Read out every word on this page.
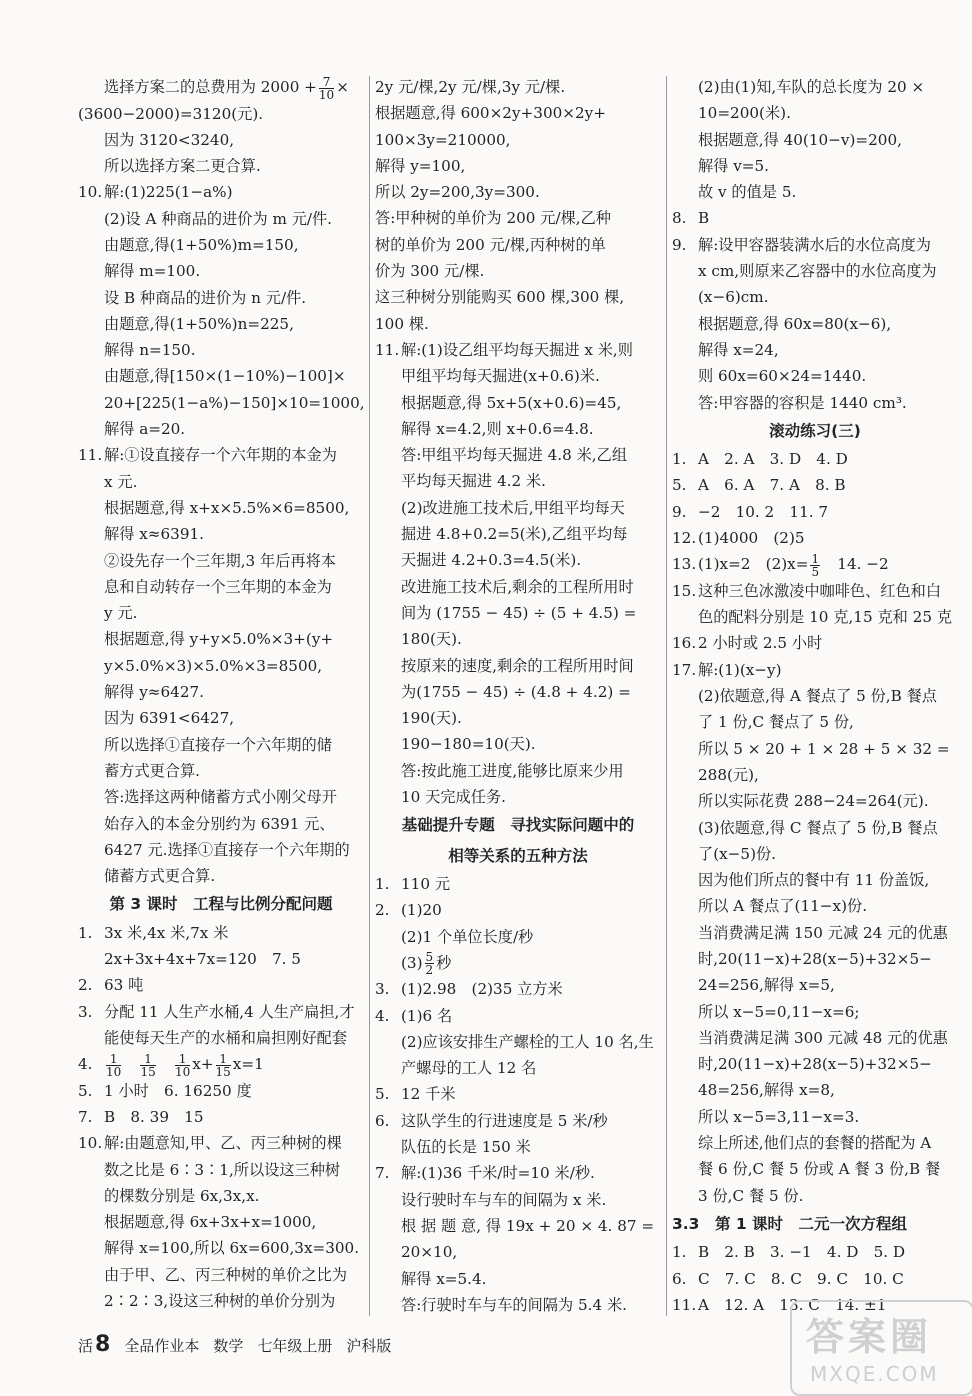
选择方案二的总费用为 $2000 + \frac{7}{10}$ ×
(3600−2000)=3120(元).
因为 3120<3240,
所以选择方案二更合算.
10. 解:(1)225(1−a%)
(2)设 A 种商品的进价为 m 元/件.
由题意,得(1+50%)m=150,
解得 m=100.
设 B 种商品的进价为 n 元/件.
由题意,得(1+50%)n=225,
解得 n=150.
由题意,得[150×(1−10%)−100]×
20+[225(1−a%)−150]×10=1000,
解得 a=20.
11. 解:①设直接存一个六年期的本金为
x 元.
根据题意,得 x+x×5.5%×6=8500,
解得 x≈6391.
②设先存一个三年期,3 年后再将本
息和自动转存一个三年期的本金为
y 元.
根据题意,得 y+y×5.0%×3+(y+
y×5.0%×3)×5.0%×3=8500,
解得 y≈6427.
因为 6391<6427,
所以选择①直接存一个六年期的储
蓄方式更合算.
答:选择这两种储蓄方式小刚父母开
始存入的本金分别约为 6391 元、
6427 元.选择①直接存一个六年期的
储蓄方式更合算.
第 3 课时　工程与比例分配问题
1. 3x 米,4x 米,7x 米
2x+3x+4x+7x=120　7. 5
2. 63 吨
3. 分配 11 人生产水桶,4 人生产扁担,才
能使每天生产的水桶和扁担刚好配套
4. $\frac{1}{10}$
　 $\frac{1}{15}$
　 $\frac{1}{10} x+ \frac{1}{15} x=1$
5. 1 小时　6. 16250 度
7. B　8. 39　15
10. 解:由题意知,甲、乙、丙三种树的棵
数之比是 6∶3∶1,所以设这三种树
的棵数分别是 6x,3x,x.
根据题意,得 6x+3x+x=1000,
解得 x=100,所以 6x=600,3x=300.
由于甲、乙、丙三种树的单价之比为
2∶2∶3,设这三种树的单价分别为
2y 元/棵,2y 元/棵,3y 元/棵.
根据题意,得 600×2y+300×2y+
100×3y=210000,
解得 y=100,
所以 2y=200,3y=300.
答:甲种树的单价为 200 元/棵,乙种
树的单价为 200 元/棵,丙种树的单
价为 300 元/棵.
这三种树分别能购买 600 棵,300 棵,
100 棵.
11. 解:(1)设乙组平均每天掘进 x 米,则
甲组平均每天掘进(x+0.6)米.
根据题意,得 5x+5(x+0.6)=45,
解得 x=4.2,则 x+0.6=4.8.
答:甲组平均每天掘进 4.8 米,乙组
平均每天掘进 4.2 米.
(2)改进施工技术后,甲组平均每天
掘进 4.8+0.2=5(米),乙组平均每
天掘进 4.2+0.3=4.5(米).
改进施工技术后,剩余的工程所用时
间为 (1755 − 45) ÷ (5 + 4.5) =
180(天).
按原来的速度,剩余的工程所用时间
为(1755 − 45) ÷ (4.8 + 4.2) =
190(天).
190−180=10(天).
答:按此施工进度,能够比原来少用
10 天完成任务.
基础提升专题　寻找实际问题中的
相等关系的五种方法
1. 110 元
2. (1)20
(2)1 个单位长度/秒
$(3) \frac{5}{2}$ 秒
3. (1)2.98　(2)35 立方米
4. (1)6 名
(2)应该安排生产螺栓的工人 10 名,生
产螺母的工人 12 名
5. 12 千米
6. 这队学生的行进速度是 5 米/秒
队伍的长是 150 米
7. 解:(1)36 千米/时=10 米/秒.
设行驶时车与车的间隔为 x 米.
根 据 题 意, 得 19x + 20 × 4. 87 =
20×10,
解得 x=5.4.
答:行驶时车与车的间隔为 5.4 米.
(2)由(1)知,车队的总长度为 20 ×
10=200(米).
根据题意,得 40(10−v)=200,
解得 v=5.
故 v 的值是 5.
8. B
9. 解:设甲容器装满水后的水位高度为
x cm,则原来乙容器中的水位高度为
(x−6)cm.
根据题意,得 60x=80(x−6),
解得 x=24,
则 60x=60×24=1440.
答:甲容器的容积是 1440 cm³.
滚动练习(三)
1. A　2. A　3. D　4. D
5. A　6. A　7. A　8. B
9. −2　10. 2　11. 7
12. (1)4000　(2)5
13. (1)x=2　$(2)x= \frac{1}{5}$ 　14. −2
15. 这种三色冰激凌中咖啡色、红色和白
色的配料分别是 10 克,15 克和 25 克
16. 2 小时或 2.5 小时
17. 解:(1)(x−y)
(2)依题意,得 A 餐点了 5 份,B 餐点
了 1 份,C 餐点了 5 份,
所以 5 × 20 + 1 × 28 + 5 × 32 =
288(元),
所以实际花费 288−24=264(元).
(3)依题意,得 C 餐点了 5 份,B 餐点
了(x−5)份.
因为他们所点的餐中有 11 份盖饭,
所以 A 餐点了(11−x)份.
当消费满足满 150 元减 24 元的优惠
时,20(11−x)+28(x−5)+32×5−
24=256,解得 x=5,
所以 x−5=0,11−x=6;
当消费满足满 300 元减 48 元的优惠
时,20(11−x)+28(x−5)+32×5−
48=256,解得 x=8,
所以 x−5=3,11−x=3.
综上所述,他们点的套餐的搭配为 A
餐 6 份,C 餐 5 份或 A 餐 3 份,B 餐
3 份,C 餐 5 份.
3.3　第 1 课时　二元一次方程组
1. B　2. B　3. −1　4. D　5. D
6. C　7. C　8. C　9. C　10. C
11. A　12. A　13. C　14. ±1
活8 全品作业本 数学 七年级上册 沪科版	答案圈
MXQE.COM
